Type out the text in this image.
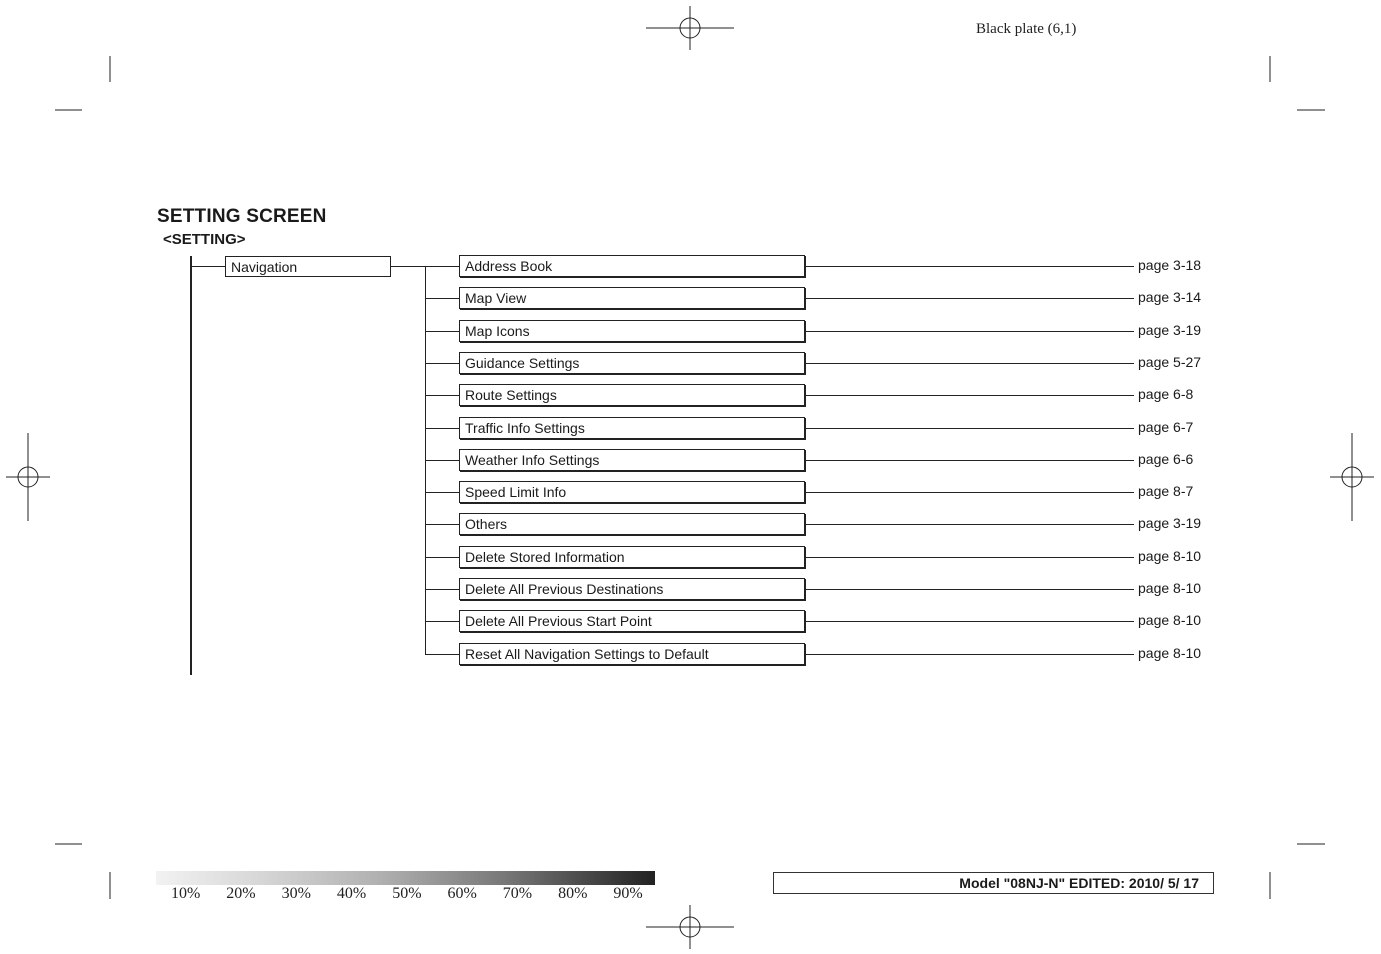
Black plate (6,1)
SETTING SCREEN
<SETTING>
Navigation	Address Book	page 3-18
Map View	page 3-14
Map Icons	page 3-19
Guidance Settings	page 5-27
Route Settings	page 6-8
Traffic Info Settings	page 6-7
Weather Info Settings	page 6-6
Speed Limit Info	page 8-7
Others	page 3-19
Delete Stored Information	page 8-10
Delete All Previous Destinations	page 8-10
Delete All Previous Start Point	page 8-10
Reset All Navigation Settings to Default	page 8-10
10% 20% 30% 40% 50% 60% 70% 80% 90%
Model "08NJ-N" EDITED: 2010/ 5/ 17
